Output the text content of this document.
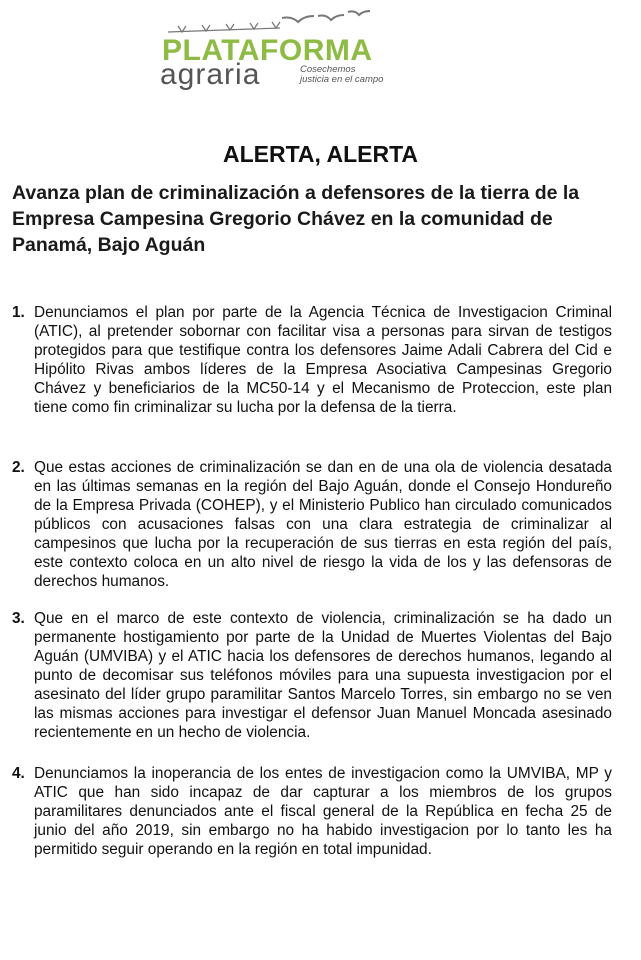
PLATAFORMA
agraria	Cosechemos
justicia en el campo
ALERTA, ALERTA
Avanza plan de criminalización a defensores de la tierra de la Empresa Campesina Gregorio Chávez en la comunidad de Panamá, Bajo Aguán
1. Denunciamos el plan por parte de la Agencia Técnica de Investigacion Criminal (ATIC), al pretender sobornar con facilitar visa a personas para sirvan de testigos protegidos para que testifique contra los defensores Jaime Adali Cabrera del Cid e Hipólito Rivas ambos líderes de la Empresa Asociativa Campesinas Gregorio Chávez y beneficiarios de la MC50-14 y el Mecanismo de Proteccion, este plan tiene como fin criminalizar su lucha por la defensa de la tierra.
2. Que estas acciones de criminalización se dan en de una ola de violencia desatada en las últimas semanas en la región del Bajo Aguán, donde el Consejo Hondureño de la Empresa Privada (COHEP), y el Ministerio Publico han circulado comunicados públicos con acusaciones falsas con una clara estrategia de criminalizar al campesinos que lucha por la recuperación de sus tierras en esta región del país, este contexto coloca en un alto nivel de riesgo la vida de los y las defensoras de derechos humanos.
3. Que en el marco de este contexto de violencia, criminalización se ha dado un permanente hostigamiento por parte de la Unidad de Muertes Violentas del Bajo Aguán (UMVIBA) y el ATIC hacia los defensores de derechos humanos, legando al punto de decomisar sus teléfonos móviles para una supuesta investigacion por el asesinato del líder grupo paramilitar Santos Marcelo Torres, sin embargo no se ven las mismas acciones para investigar el defensor Juan Manuel Moncada asesinado recientemente en un hecho de violencia.
4. Denunciamos la inoperancia de los entes de investigacion como la UMVIBA, MP y ATIC que han sido incapaz de dar capturar a los miembros de los grupos paramilitares denunciados ante el fiscal general de la República en fecha 25 de junio del año 2019, sin embargo no ha habido investigacion por lo tanto les ha permitido seguir operando en la región en total impunidad.
